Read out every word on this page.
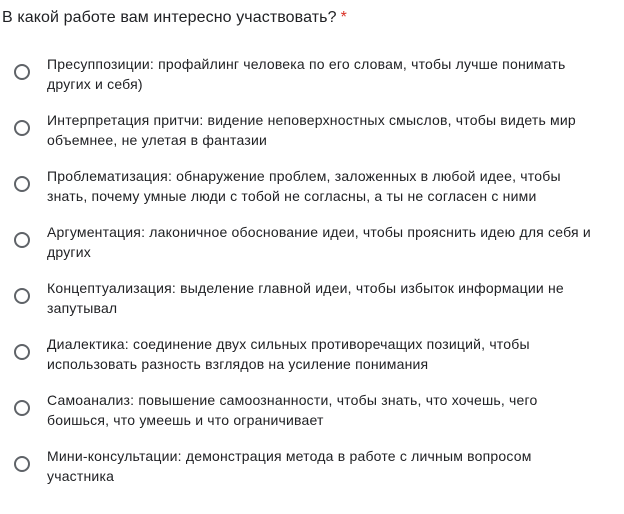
В какой работе вам интересно участвовать? *
Пресуппозиции: профайлинг человека по его словам, чтобы лучше понимать других и себя)
Интерпретация притчи: видение неповерхностных смыслов, чтобы видеть мир объемнее, не улетая в фантазии
Проблематизация: обнаружение проблем, заложенных в любой идее, чтобы знать, почему умные люди с тобой не согласны, а ты не согласен с ними
Аргументация: лаконичное обоснование идеи, чтобы прояснить идею для себя и других
Концептуализация: выделение главной идеи, чтобы избыток информации не запутывал
Диалектика: соединение двух сильных противоречащих позиций, чтобы использовать разность взглядов на усиление понимания
Самоанализ: повышение самоознанности, чтобы знать, что хочешь, чего боишься, что умеешь и что ограничивает
Мини-консультации: демонстрация метода в работе с личным вопросом участника
